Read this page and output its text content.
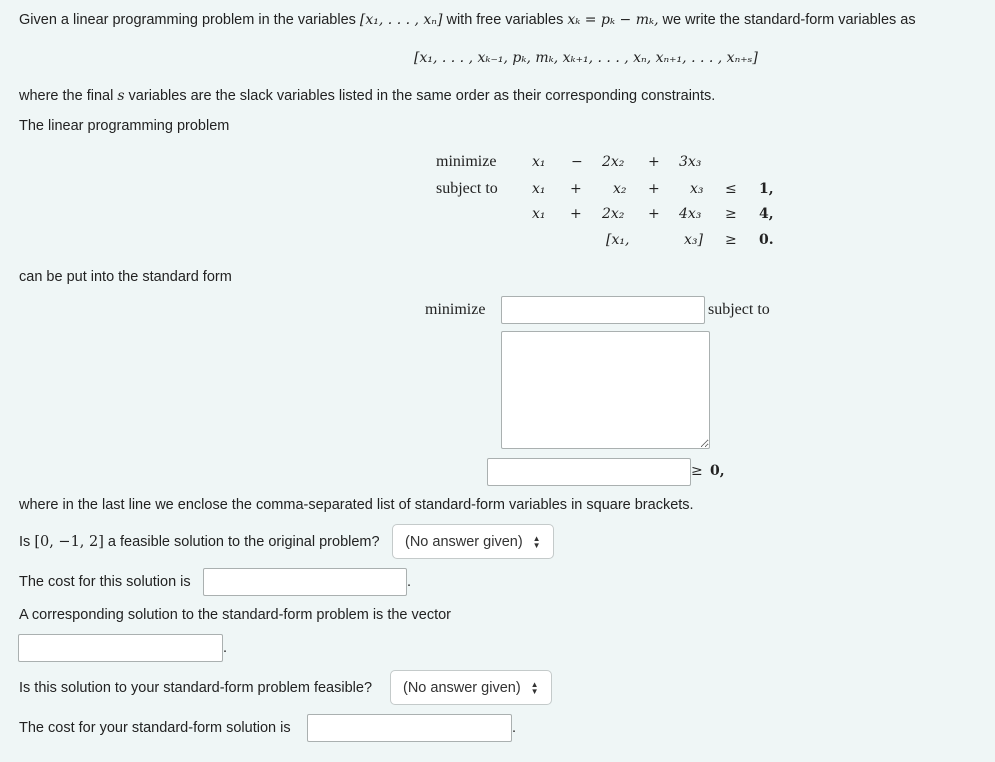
Given a linear programming problem in the variables [x₁, . . . , xₙ] with free variables xₖ = pₖ − mₖ, we write the standard-form variables as
[x₁, . . . , xₖ₋₁, pₖ, mₖ, xₖ₊₁, . . . , xₙ, xₙ₊₁, . . . , xₙ₊ₛ]
where the final s variables are the slack variables listed in the same order as their corresponding constraints.
The linear programming problem
minimize	x₁ − 2x₂ + 3x₃
subject to x₁ + x₂ + x₃ ≤ 1,
x₁ + 2x₂ + 4x₃ ≥ 4,
[x₁,	x₃] ≥ 0.
can be put into the standard form
minimize	subject to
≥ 0,
where in the last line we enclose the comma-separated list of standard-form variables in square brackets.
Is [0, −1, 2] a feasible solution to the original problem? (No answer given) ▲
▼
The cost for this solution is	.
A corresponding solution to the standard-form problem is the vector
.
Is this solution to your standard-form problem feasible? (No answer given) ▲
▼
The cost for your standard-form solution is	.
